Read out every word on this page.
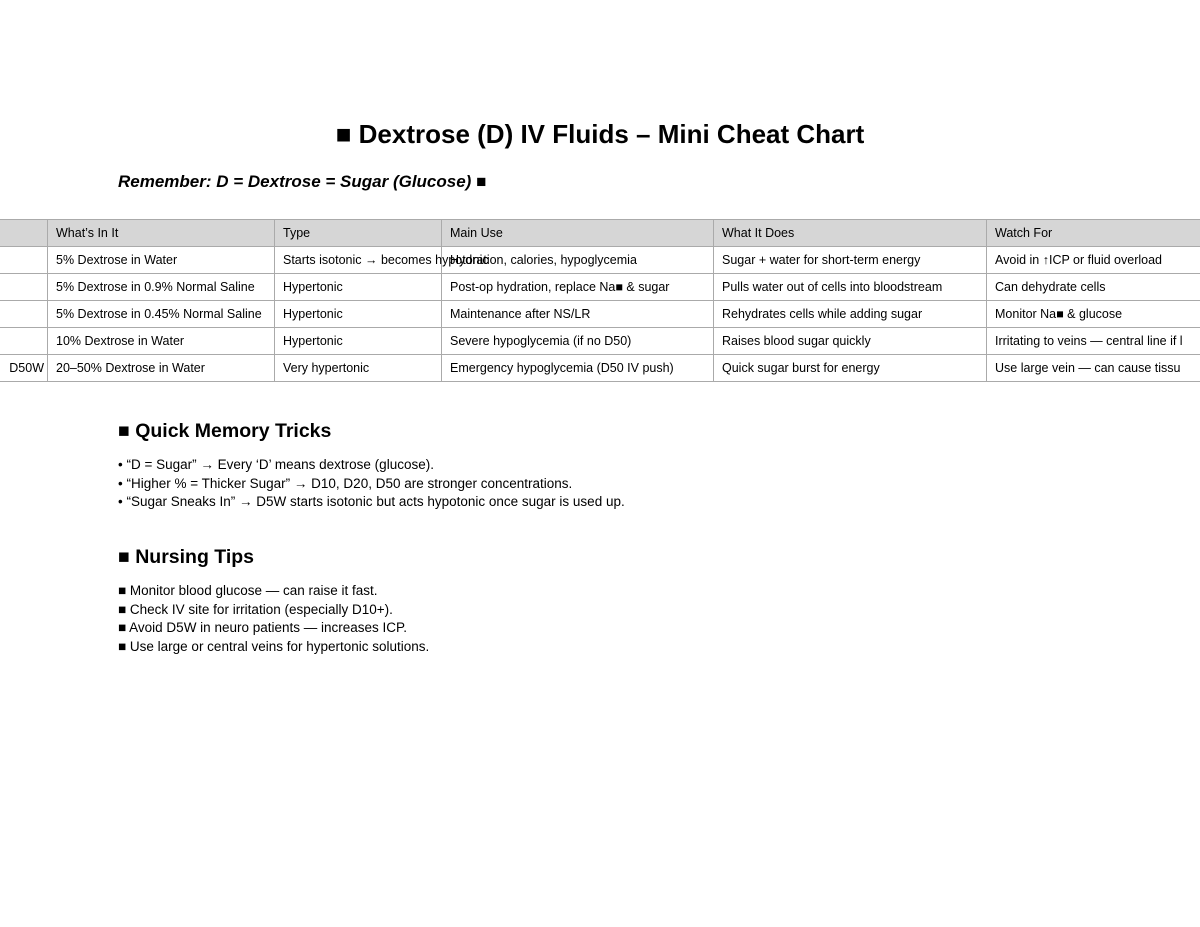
■ Dextrose (D) IV Fluids – Mini Cheat Chart
Remember: D = Dextrose = Sugar (Glucose) ■
	What’s In It	Type	Main Use	What It Does	Watch For
	5% Dextrose in Water	Starts isotonic → becomes hypotonic	Hydration, calories, hypoglycemia	Sugar + water for short-term energy	Avoid in ↑ICP or fluid overload
	5% Dextrose in 0.9% Normal Saline	Hypertonic	Post-op hydration, replace Na■ & sugar	Pulls water out of cells into bloodstream	Can dehydrate cells
	5% Dextrose in 0.45% Normal Saline	Hypertonic	Maintenance after NS/LR	Rehydrates cells while adding sugar	Monitor Na■ & glucose
	10% Dextrose in Water	Hypertonic	Severe hypoglycemia (if no D50)	Raises blood sugar quickly	Irritating to veins — central line if l
D50W	20–50% Dextrose in Water	Very hypertonic	Emergency hypoglycemia (D50 IV push)	Quick sugar burst for energy	Use large vein — can cause tissu
■ Quick Memory Tricks
• “D = Sugar” → Every ‘D’ means dextrose (glucose).
• “Higher % = Thicker Sugar” → D10, D20, D50 are stronger concentrations.
• “Sugar Sneaks In” → D5W starts isotonic but acts hypotonic once sugar is used up.
■ Nursing Tips
■ Monitor blood glucose — can raise it fast.
■ Check IV site for irritation (especially D10+).
■ Avoid D5W in neuro patients — increases ICP.
■ Use large or central veins for hypertonic solutions.
